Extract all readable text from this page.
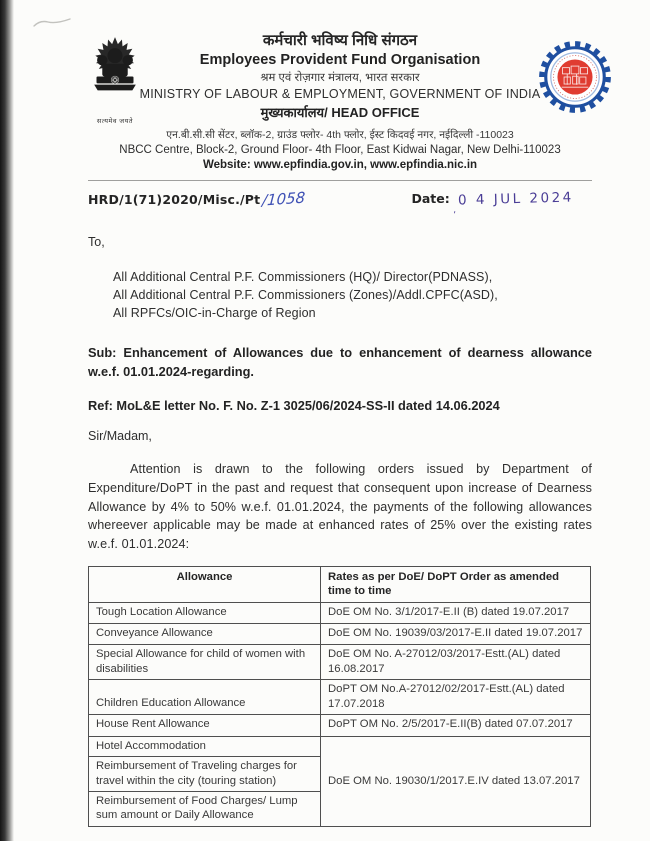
सत्यमेव जयते
कर्मचारी भविष्य निधि संगठन
Employees Provident Fund Organisation
श्रम एवं रोज़गार मंत्रालय, भारत सरकार
MINISTRY OF LABOUR & EMPLOYMENT, GOVERNMENT OF INDIA
मुख्यकार्यालय/ HEAD OFFICE
एन.बी.सी.सी सेंटर, ब्लॉक-2, ग्राउंड फ्लोर- 4th फ्लोर, ईस्ट किदवई नगर, नईदिल्ली -110023
NBCC Centre, Block-2, Ground Floor- 4th Floor, East Kidwai Nagar, New Delhi-110023
Website: www.epfindia.gov.in, www.epfindia.nic.in
HRD/1(71)2020/Misc./Pt/1058	Date: 0 4 JUL 2024
'
To,
All Additional Central P.F. Commissioners (HQ)/ Director(PDNASS),
All Additional Central P.F. Commissioners (Zones)/Addl.CPFC(ASD),
All RPFCs/OIC-in-Charge of Region
Sub: Enhancement of Allowances due to enhancement of dearness allowance w.e.f. 01.01.2024-regarding.
Ref: MoL&E letter No. F. No. Z-1 3025/06/2024-SS-II dated 14.06.2024
Sir/Madam,
Attention is drawn to the following orders issued by Department of Expenditure/DoPT in the past and request that consequent upon increase of Dearness Allowance by 4% to 50% w.e.f. 01.01.2024, the payments of the following allowances whereever applicable may be made at enhanced rates of 25% over the existing rates w.e.f. 01.01.2024:
Allowance	Rates as per DoE/ DoPT Order as amended time to time
Tough Location Allowance	DoE OM No. 3/1/2017-E.II (B) dated 19.07.2017
Conveyance Allowance	DoE OM No. 19039/03/2017-E.II dated 19.07.2017
Special Allowance for child of women with disabilities	DoE OM No. A-27012/03/2017-Estt.(AL) dated 16.08.2017
Children Education Allowance	DoPT OM No.A-27012/02/2017-Estt.(AL) dated 17.07.2018
House Rent Allowance	DoPT OM No. 2/5/2017-E.II(B) dated 07.07.2017
Hotel Accommodation	DoE OM No. 19030/1/2017.E.IV dated 13.07.2017
Reimbursement of Traveling charges for travel within the city (touring station)	
Reimbursement of Food Charges/ Lump sum amount or Daily Allowance	
